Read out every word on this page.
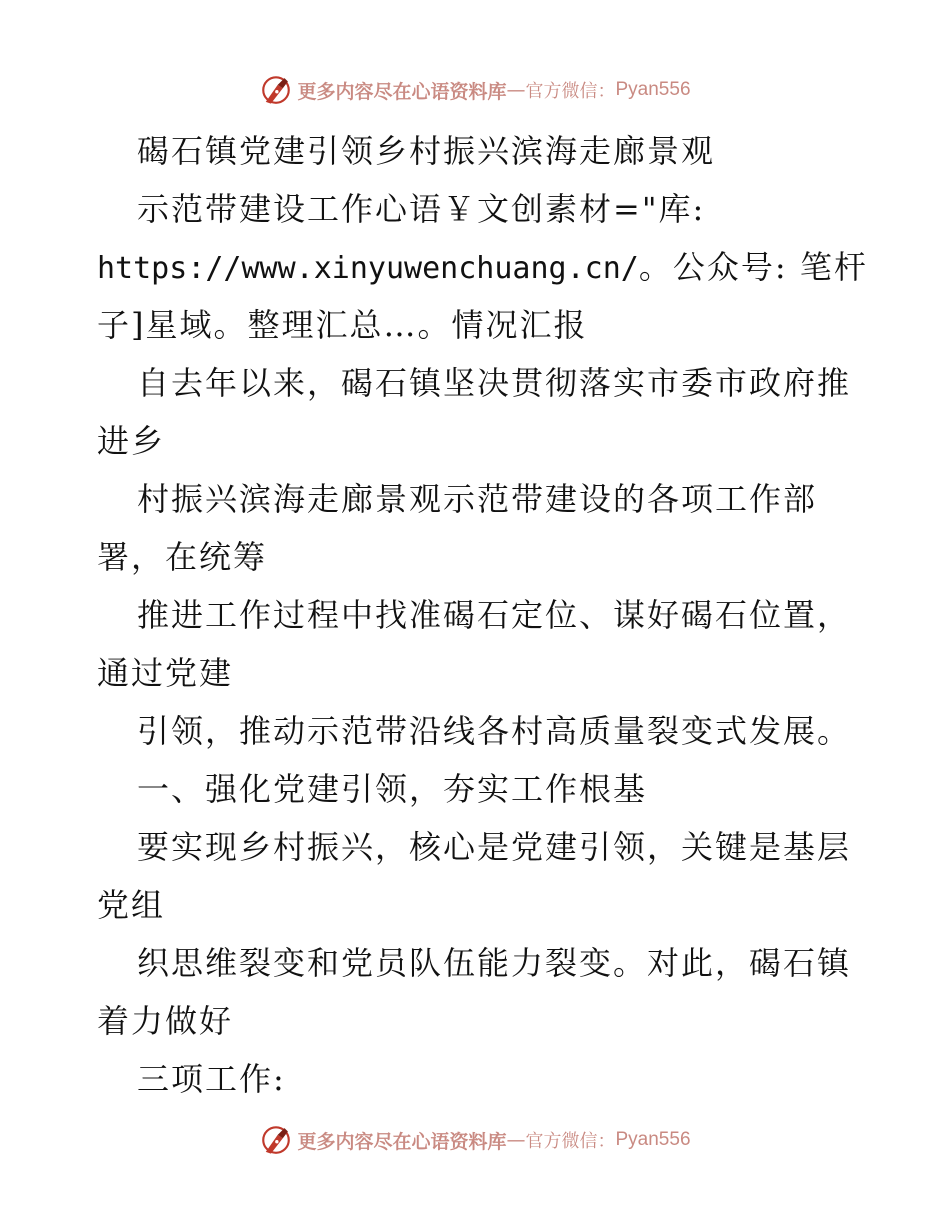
更多内容尽在心语资料库 — 官方微信： Pyan556
碣石镇党建引领乡村振兴滨海走廊景观
示范带建设工作心语￥文创素材="库:
https://www.xinyuwenchuang.cn/。公众号: 笔杆
子]星域。整理汇总…。情况汇报
自去年以来，碣石镇坚决贯彻落实市委市政府推
进乡
村振兴滨海走廊景观示范带建设的各项工作部
署，在统筹
推进工作过程中找准碣石定位、谋好碣石位置，
通过党建
引领，推动示范带沿线各村高质量裂变式发展。
一、强化党建引领，夯实工作根基
要实现乡村振兴，核心是党建引领，关键是基层
党组
织思维裂变和党员队伍能力裂变。对此，碣石镇
着力做好
三项工作:
更多内容尽在心语资料库 — 官方微信： Pyan556
